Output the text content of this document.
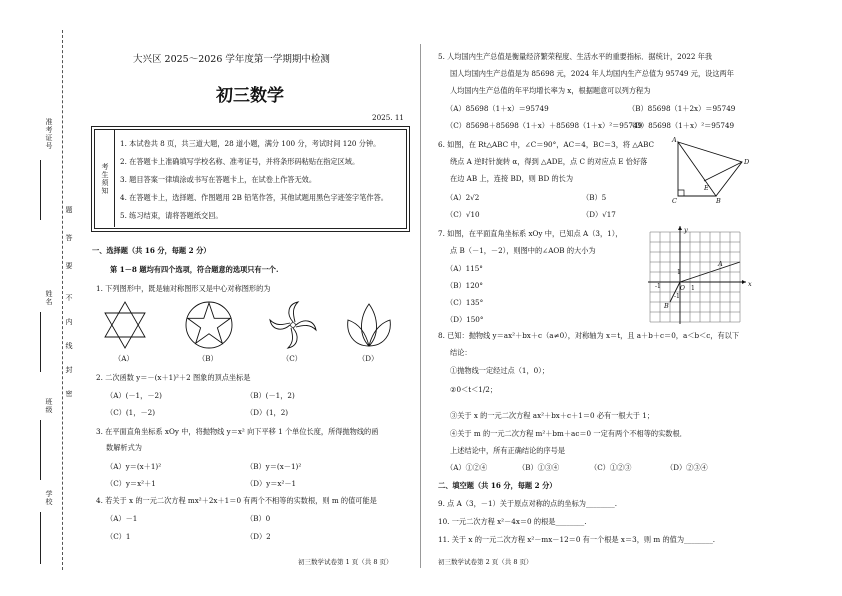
准考证号
姓名
班级
学校
密
封
线
内
不
要
答
题
大兴区 2025～2026 学年度第一学期期中检测
初三数学
2025. 11
考生须知
1. 本试卷共 8 页，共三道大题，28 道小题，满分 100 分，考试时间 120 分钟。
2. 在答题卡上准确填写学校名称、准考证号，并将条形码粘贴在指定区域。
3. 题目答案一律填涂或书写在答题卡上，在试卷上作答无效。
4. 在答题卡上，选择题、作图题用 2B 铅笔作答，其他试题用黑色字迹签字笔作答。
5. 练习结束，请将答题纸交回。
一、选择题（共 16 分，每题 2 分）
第 1－8 题均有四个选项，符合题意的选项只有一个.
1. 下列图形中，既是轴对称图形又是中心对称图形的为
（A）	（B）	（C）	（D）
2. 二次函数 y＝－(x＋1)²＋2 图象的顶点坐标是
（A）(－1，－2)	（B）(－1，2)
（C）(1，－2)	（D）(1，2)
3. 在平面直角坐标系 xOy 中，将抛物线 y＝x² 向下平移 1 个单位长度，所得抛物线的函
数解析式为
（A）y＝(x＋1)²	（B）y＝(x－1)²
（C）y＝x²＋1	（D）y＝x²－1
4. 若关于 x 的一元二次方程 mx²＋2x＋1＝0 有两个不相等的实数根，则 m 的值可能是
（A）－1	（B）0
（C）1	（D）2
初三数学试卷第 1 页（共 8 页）
5. 人均国内生产总值是衡量经济繁荣程度、生活水平的重要指标．据统计，2022 年我
国人均国内生产总值是为 85698 元，2024 年人均国内生产总值为 95749 元，设这两年
人均国内生产总值的年平均增长率为 x，根据题意可以列方程为
（A）85698（1＋x）＝95749	（B）85698（1＋2x）＝95749
（C）85698＋85698（1＋x）＋85698（1＋x）²＝95749
（D）85698（1＋x）²＝95749
6. 如图，在 Rt△ABC 中，∠C＝90°，AC＝4，BC＝3，将 △ABC
绕点 A 逆时针旋转 α，得到 △ADE，点 C 的对应点 E 恰好落
在边 AB 上，连接 BD，则 BD 的长为
（A）2√2	（B）5
（C）√10	（D）√17
A
D
E
C	B
7. 如图，在平面直角坐标系 xOy 中，已知点 A（3，1），
点 B（－1，－2），则图中的∠AOB 的大小为
（A）115°
（B）120°
（C）135°
（D）150°
y
x
O
A
B
1
-1
1
-1
8. 已知：抛物线 y＝ax²＋bx＋c（a≠0），对称轴为 x＝t，且 a＋b＋c＝0，a＜b＜c，有以下
结论：
①抛物线一定经过点（1，0）；
②0＜t＜1/2；
③关于 x 的一元二次方程 ax²＋bx＋c＋1＝0 必有一根大于 1；
④关于 m 的一元二次方程 m²＋bm＋ac＝0 一定有两个不相等的实数根．
上述结论中，所有正确结论的序号是
（A）①②④	（B）①③④	（C）①②③	（D）②③④
二、填空题（共 16 分，每题 2 分）
9. 点 A（3，－1）关于原点对称的点的坐标为________.
10. 一元二次方程 x²－4x＝0 的根是________.
11. 关于 x 的一元二次方程 x²－mx－12＝0 有一个根是 x＝3，则 m 的值为________.
初三数学试卷第 2 页（共 8 页）
